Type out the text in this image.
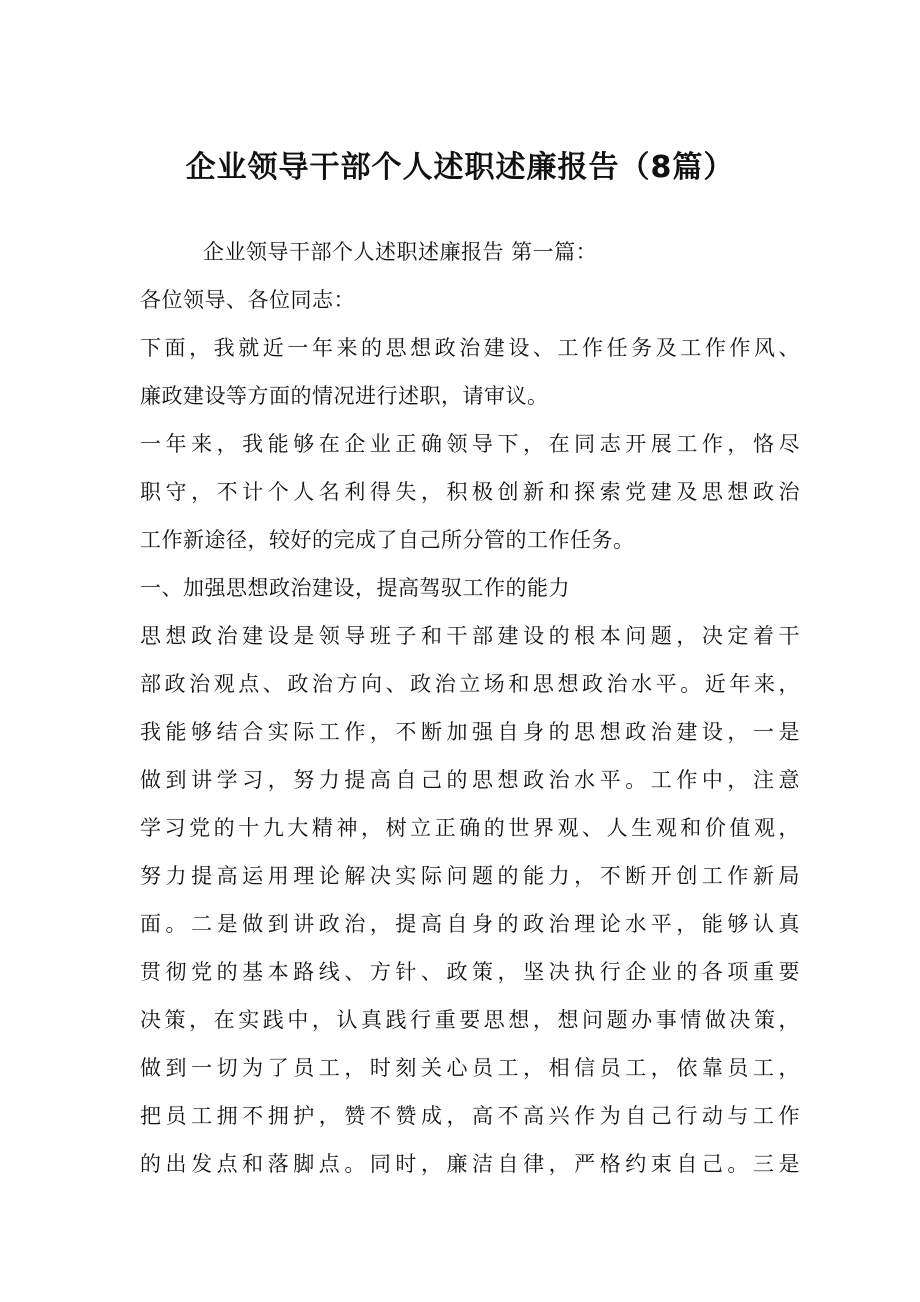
企业领导干部个人述职述廉报告（8篇）
企业领导干部个人述职述廉报告 第一篇：
各位领导、各位同志：
下面，我就近一年来的思想政治建设、工作任务及工作作风、
廉政建设等方面的情况进行述职，请审议。
一年来，我能够在企业正确领导下，在同志开展工作，恪尽
职守，不计个人名利得失，积极创新和探索党建及思想政治
工作新途径，较好的完成了自己所分管的工作任务。
一、加强思想政治建设，提高驾驭工作的能力
思想政治建设是领导班子和干部建设的根本问题，决定着干
部政治观点、政治方向、政治立场和思想政治水平。近年来，
我能够结合实际工作，不断加强自身的思想政治建设，一是
做到讲学习，努力提高自己的思想政治水平。工作中，注意
学习党的十九大精神，树立正确的世界观、人生观和价值观，
努力提高运用理论解决实际问题的能力，不断开创工作新局
面。二是做到讲政治，提高自身的政治理论水平，能够认真
贯彻党的基本路线、方针、政策，坚决执行企业的各项重要
决策，在实践中，认真践行重要思想，想问题办事情做决策，
做到一切为了员工，时刻关心员工，相信员工，依靠员工，
把员工拥不拥护，赞不赞成，高不高兴作为自己行动与工作
的出发点和落脚点。同时，廉洁自律，严格约束自己。三是
